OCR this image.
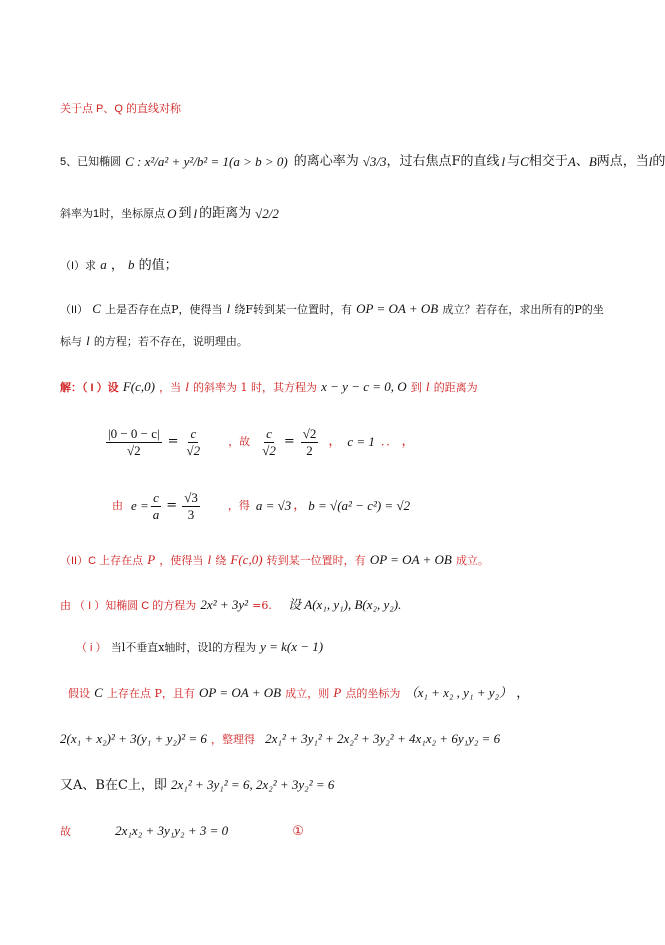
关于点 P、Q 的直线对称
5、已知椭圆 C : x²/a² + y²/b² = 1(a > b > 0) 的离心率为 √3/3 ，过右焦点F的直线 l 与 C 相交于 A 、 B 两点，当 l 的
斜率为1时，坐标原点 O 到 l 的距离为 √2/2
（I）求 a ， b 的值；
（II） C 上是否存在点P，使得当 l 绕F转到某一位置时，有 OP = OA + OB 成立？若存在，求出所有的P的坐
标与 l 的方程；若不存在，说明理由。
解：（ I ）设 F(c,0) ，当 l 的斜率为 1 时，其方程为 x − y − c = 0, O 到 l 的距离为
$\frac{|0 - 0 - c|}{√2} = \frac{c}{√2}$ ，故 $\frac{c}{√2} = \frac{√2}{2}$ ， c = 1 ．． ，
由 $e = \frac{c}{a} = \frac{√3}{3}$	，得 a = √3 ， b = √(a² − c²) = √2
（II）C 上存在点 P ，使得当 l 绕 F(c,0) 转到某一位置时，有 OP = OA + OB 成立。
由 （ I ）知椭圆 C 的方程为 2x² + 3y² =6. 设 A(x₁, y₁), B(x₂, y₂).
（ i ） 当l不垂直x轴时，设l的方程为 y = k(x − 1)
假设 C 上存在点 P，且有 OP = OA + OB 成立，则 P 点的坐标为 （x₁ + x₂ , y₁ + y₂） ，
2(x₁ + x₂)² + 3(y₁ + y₂)² = 6 ，整理得 2x₁² + 3y₁² + 2x₂² + 3y₂² + 4x₁x₂ + 6y₁y₂ = 6
又A、B在C上，即 2x₁² + 3y₁² = 6, 2x₂² + 3y₂² = 6
故	2x₁x₂ + 3y₁y₂ + 3 = 0	①
